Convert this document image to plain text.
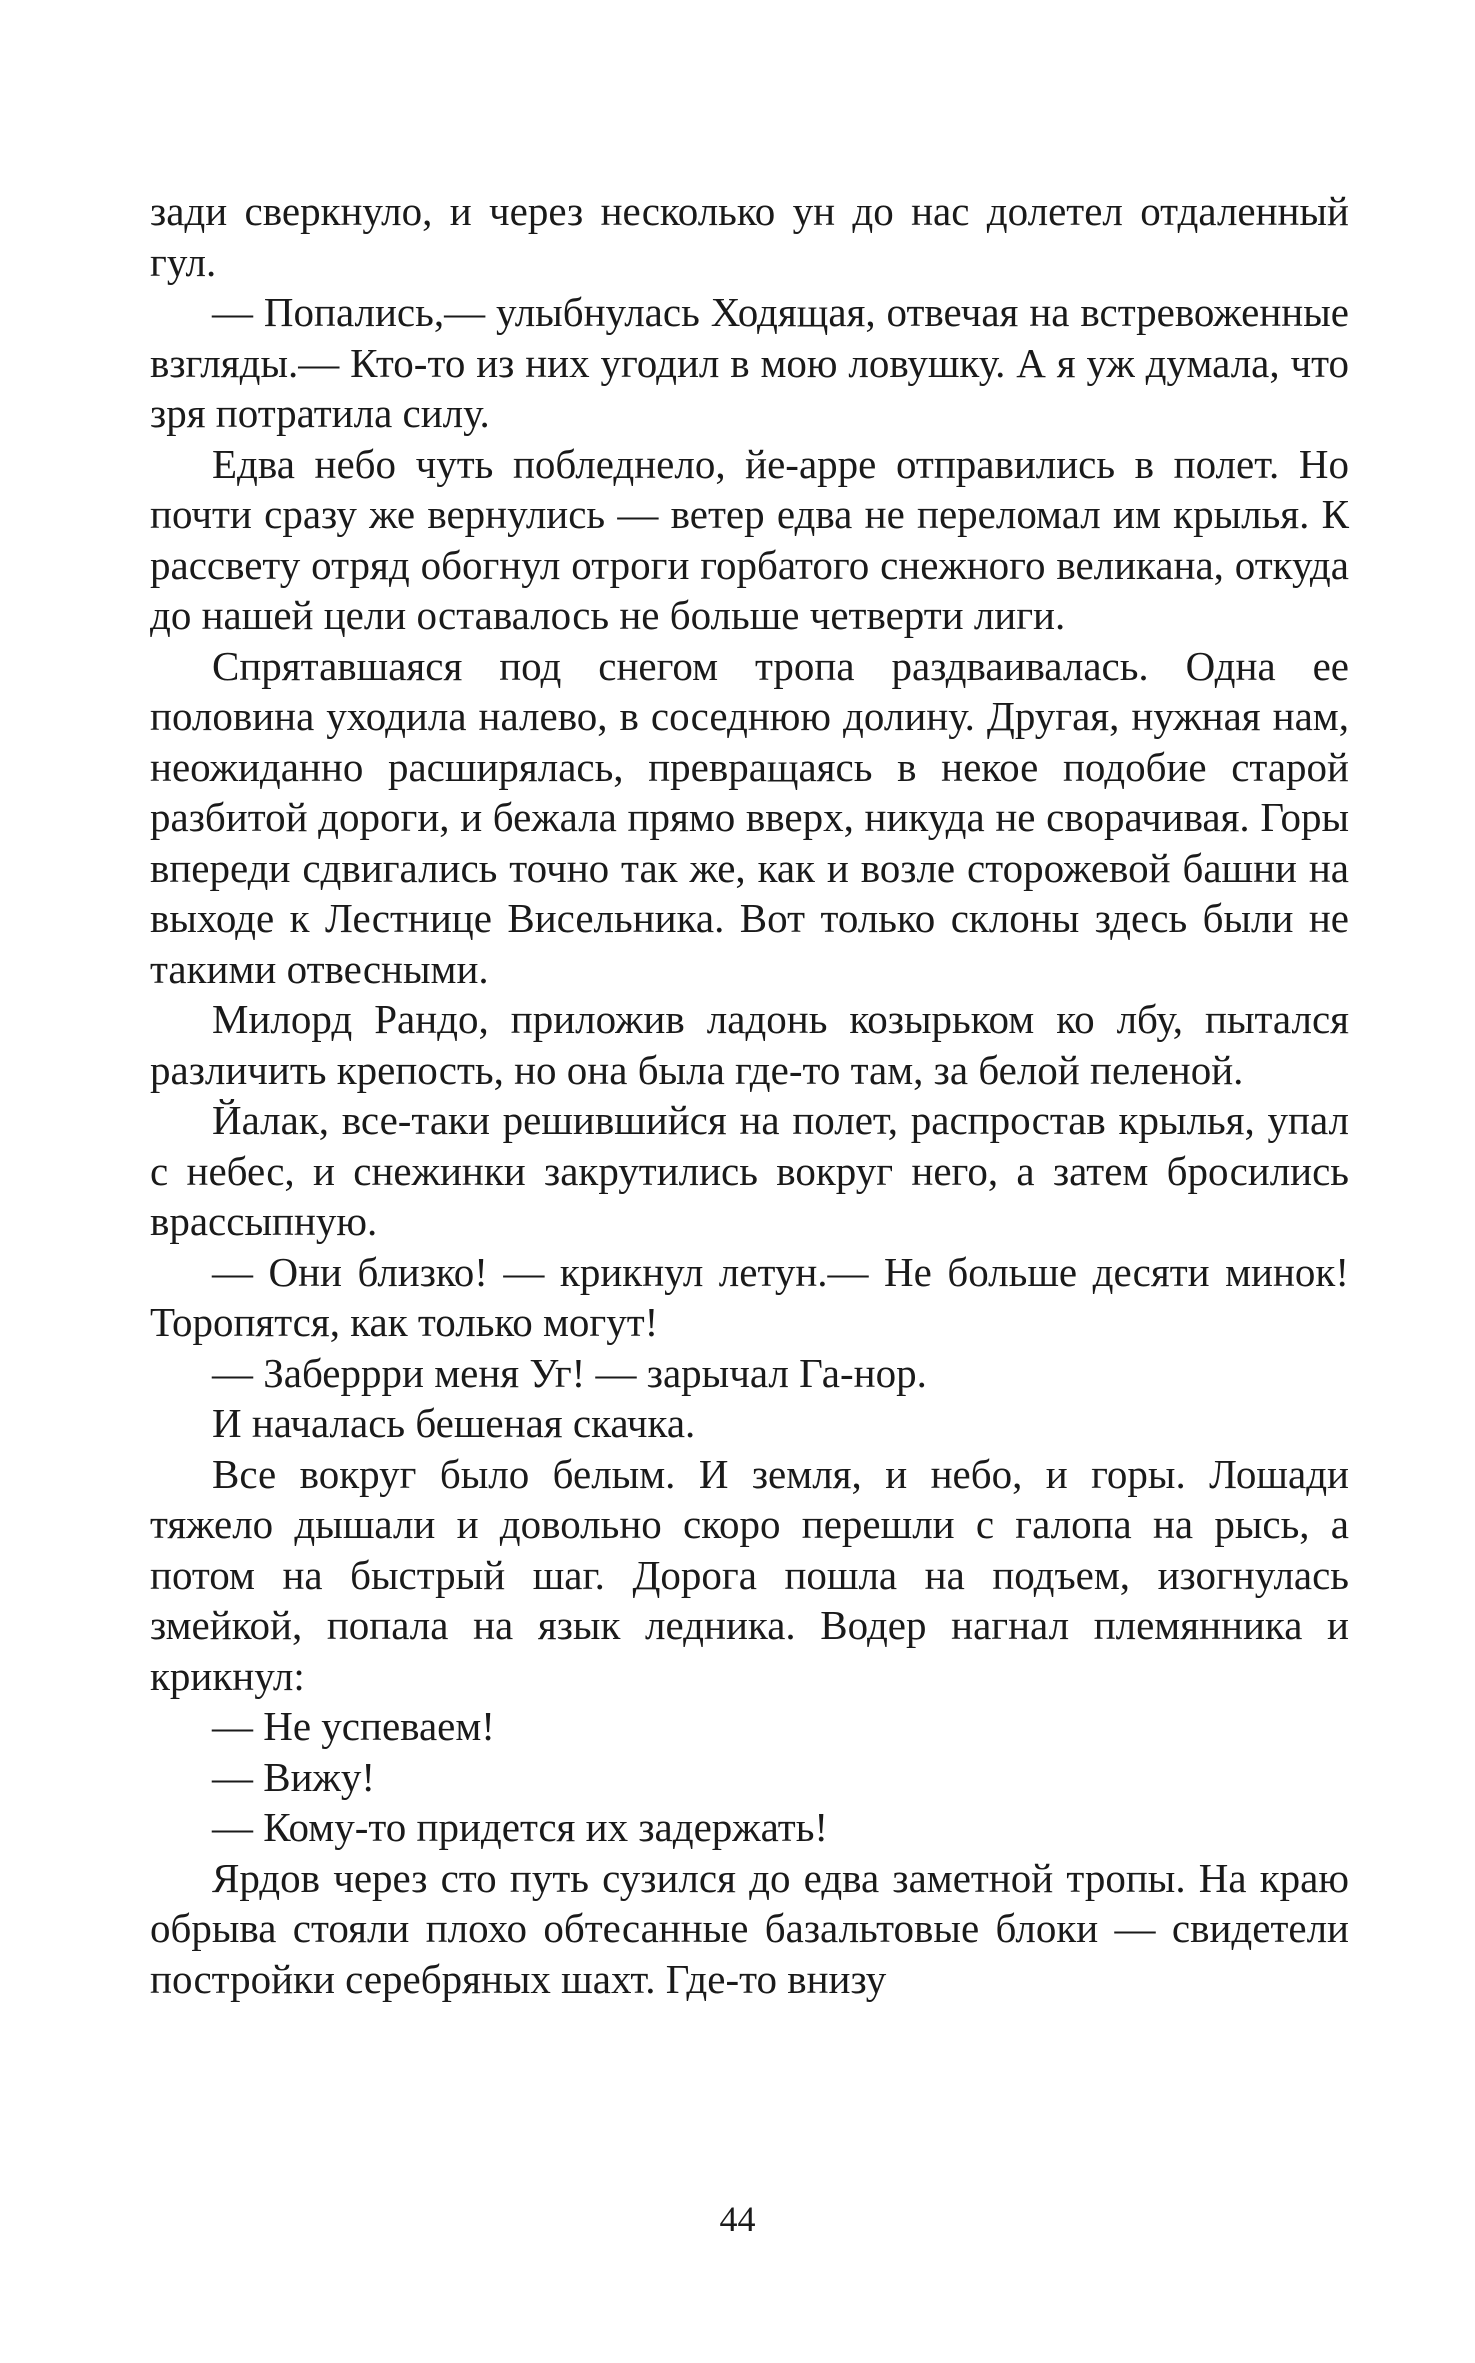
зади сверкнуло, и через несколько ун до нас долетел отдаленный гул.

— Попались,— улыбнулась Ходящая, отвечая на встревоженные взгляды.— Кто-то из них угодил в мою ловушку. А я уж думала, что зря потратила силу.

Едва небо чуть побледнело, йе-арре отправились в полет. Но почти сразу же вернулись — ветер едва не переломал им крылья. К рассвету отряд обогнул отроги горбатого снежного великана, откуда до нашей цели оставалось не больше четверти лиги.

Спрятавшаяся под снегом тропа раздваивалась. Одна ее половина уходила налево, в соседнюю долину. Другая, нужная нам, неожиданно расширялась, превращаясь в некое подобие старой разбитой дороги, и бежала прямо вверх, никуда не сворачивая. Горы впереди сдвигались точно так же, как и возле сторожевой башни на выходе к Лестнице Висельника. Вот только склоны здесь были не такими отвесными.

Милорд Рандо, приложив ладонь козырьком ко лбу, пытался различить крепость, но она была где-то там, за белой пеленой.

Йалак, все-таки решившийся на полет, распростав крылья, упал с небес, и снежинки закрутились вокруг него, а затем бросились врассыпную.

— Они близко! — крикнул летун.— Не больше десяти минок! Торопятся, как только могут!

— Заберрри меня Уг! — зарычал Га-нор.

И началась бешеная скачка.

Все вокруг было белым. И земля, и небо, и горы. Лошади тяжело дышали и довольно скоро перешли с галопа на рысь, а потом на быстрый шаг. Дорога пошла на подъем, изогнулась змейкой, попала на язык ледника. Водер нагнал племянника и крикнул:

— Не успеваем!

— Вижу!

— Кому-то придется их задержать!

Ярдов через сто путь сузился до едва заметной тропы. На краю обрыва стояли плохо обтесанные базальтовые блоки — свидетели постройки серебряных шахт. Где-то внизу

44
